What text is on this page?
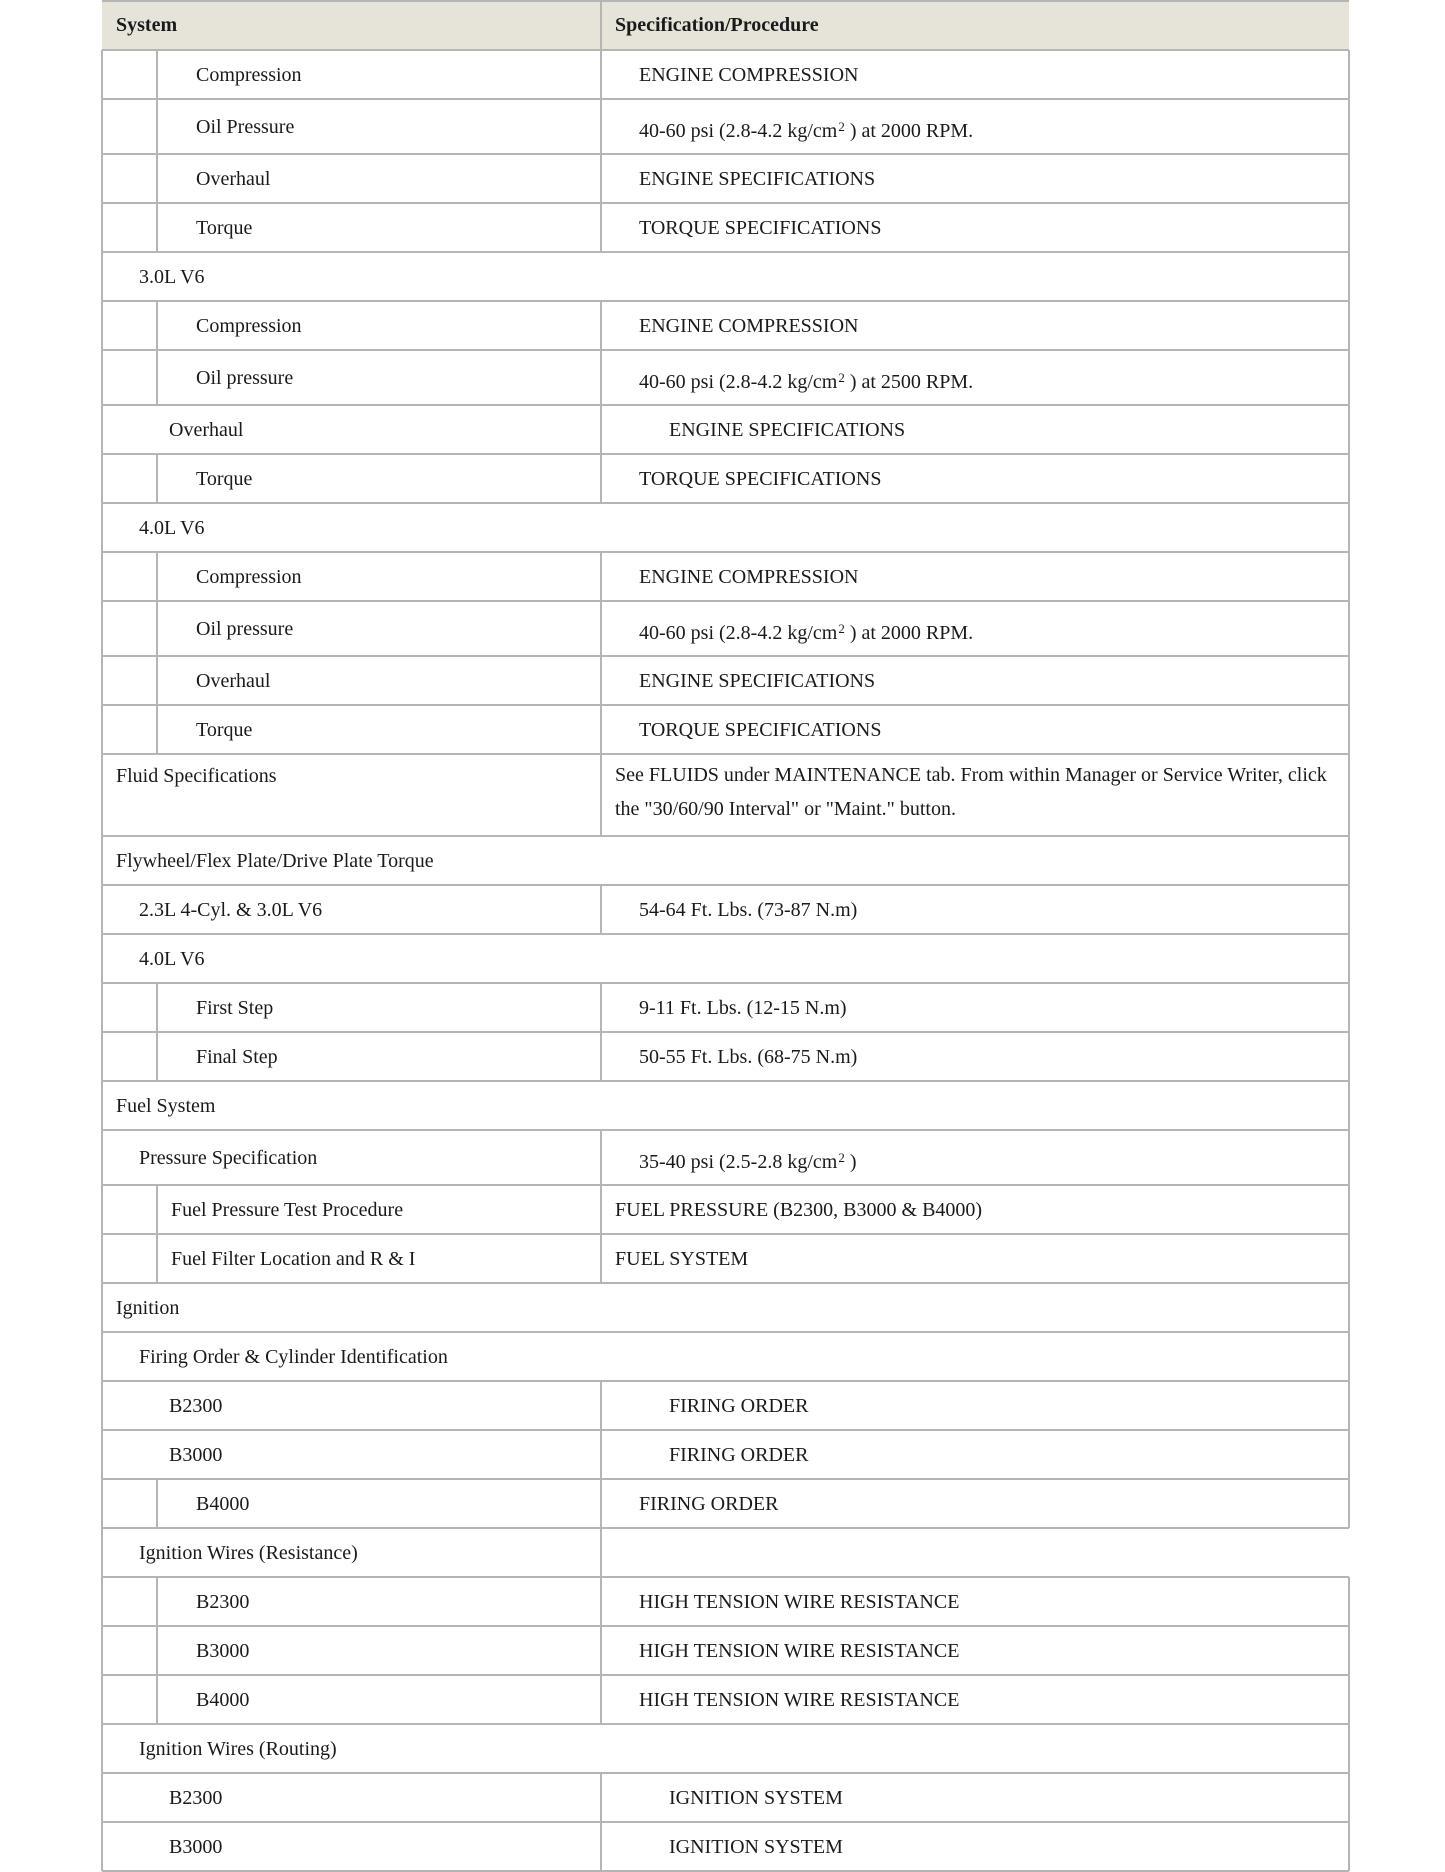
System	Specification/Procedure
Compression	ENGINE COMPRESSION
Oil Pressure	40-60 psi (2.8-4.2 $kg/cm^2$ ) at 2000 RPM.
Overhaul	ENGINE SPECIFICATIONS
Torque	TORQUE SPECIFICATIONS
3.0L V6
Compression	ENGINE COMPRESSION
Oil pressure	40-60 psi (2.8-4.2 $kg/cm^2$ ) at 2500 RPM.
Overhaul	ENGINE SPECIFICATIONS
Torque	TORQUE SPECIFICATIONS
4.0L V6
Compression	ENGINE COMPRESSION
Oil pressure	40-60 psi (2.8-4.2 $kg/cm^2$ ) at 2000 RPM.
Overhaul	ENGINE SPECIFICATIONS
Torque	TORQUE SPECIFICATIONS
Fluid Specifications	See FLUIDS under MAINTENANCE tab. From within Manager or Service Writer, click the "30/60/90 Interval" or "Maint." button.
Flywheel/Flex Plate/Drive Plate Torque
2.3L 4-Cyl. & 3.0L V6	54-64 Ft. Lbs. (73-87 N.m)
4.0L V6
First Step	9-11 Ft. Lbs. (12-15 N.m)
Final Step	50-55 Ft. Lbs. (68-75 N.m)
Fuel System
Pressure Specification	35-40 psi (2.5-2.8 $kg/cm^2$ )
Fuel Pressure Test Procedure	FUEL PRESSURE (B2300, B3000 & B4000)
Fuel Filter Location and R & I	FUEL SYSTEM
Ignition
Firing Order & Cylinder Identification
B2300	FIRING ORDER
B3000	FIRING ORDER
B4000	FIRING ORDER
Ignition Wires (Resistance)
B2300	HIGH TENSION WIRE RESISTANCE
B3000	HIGH TENSION WIRE RESISTANCE
B4000	HIGH TENSION WIRE RESISTANCE
Ignition Wires (Routing)
B2300	IGNITION SYSTEM
B3000	IGNITION SYSTEM
